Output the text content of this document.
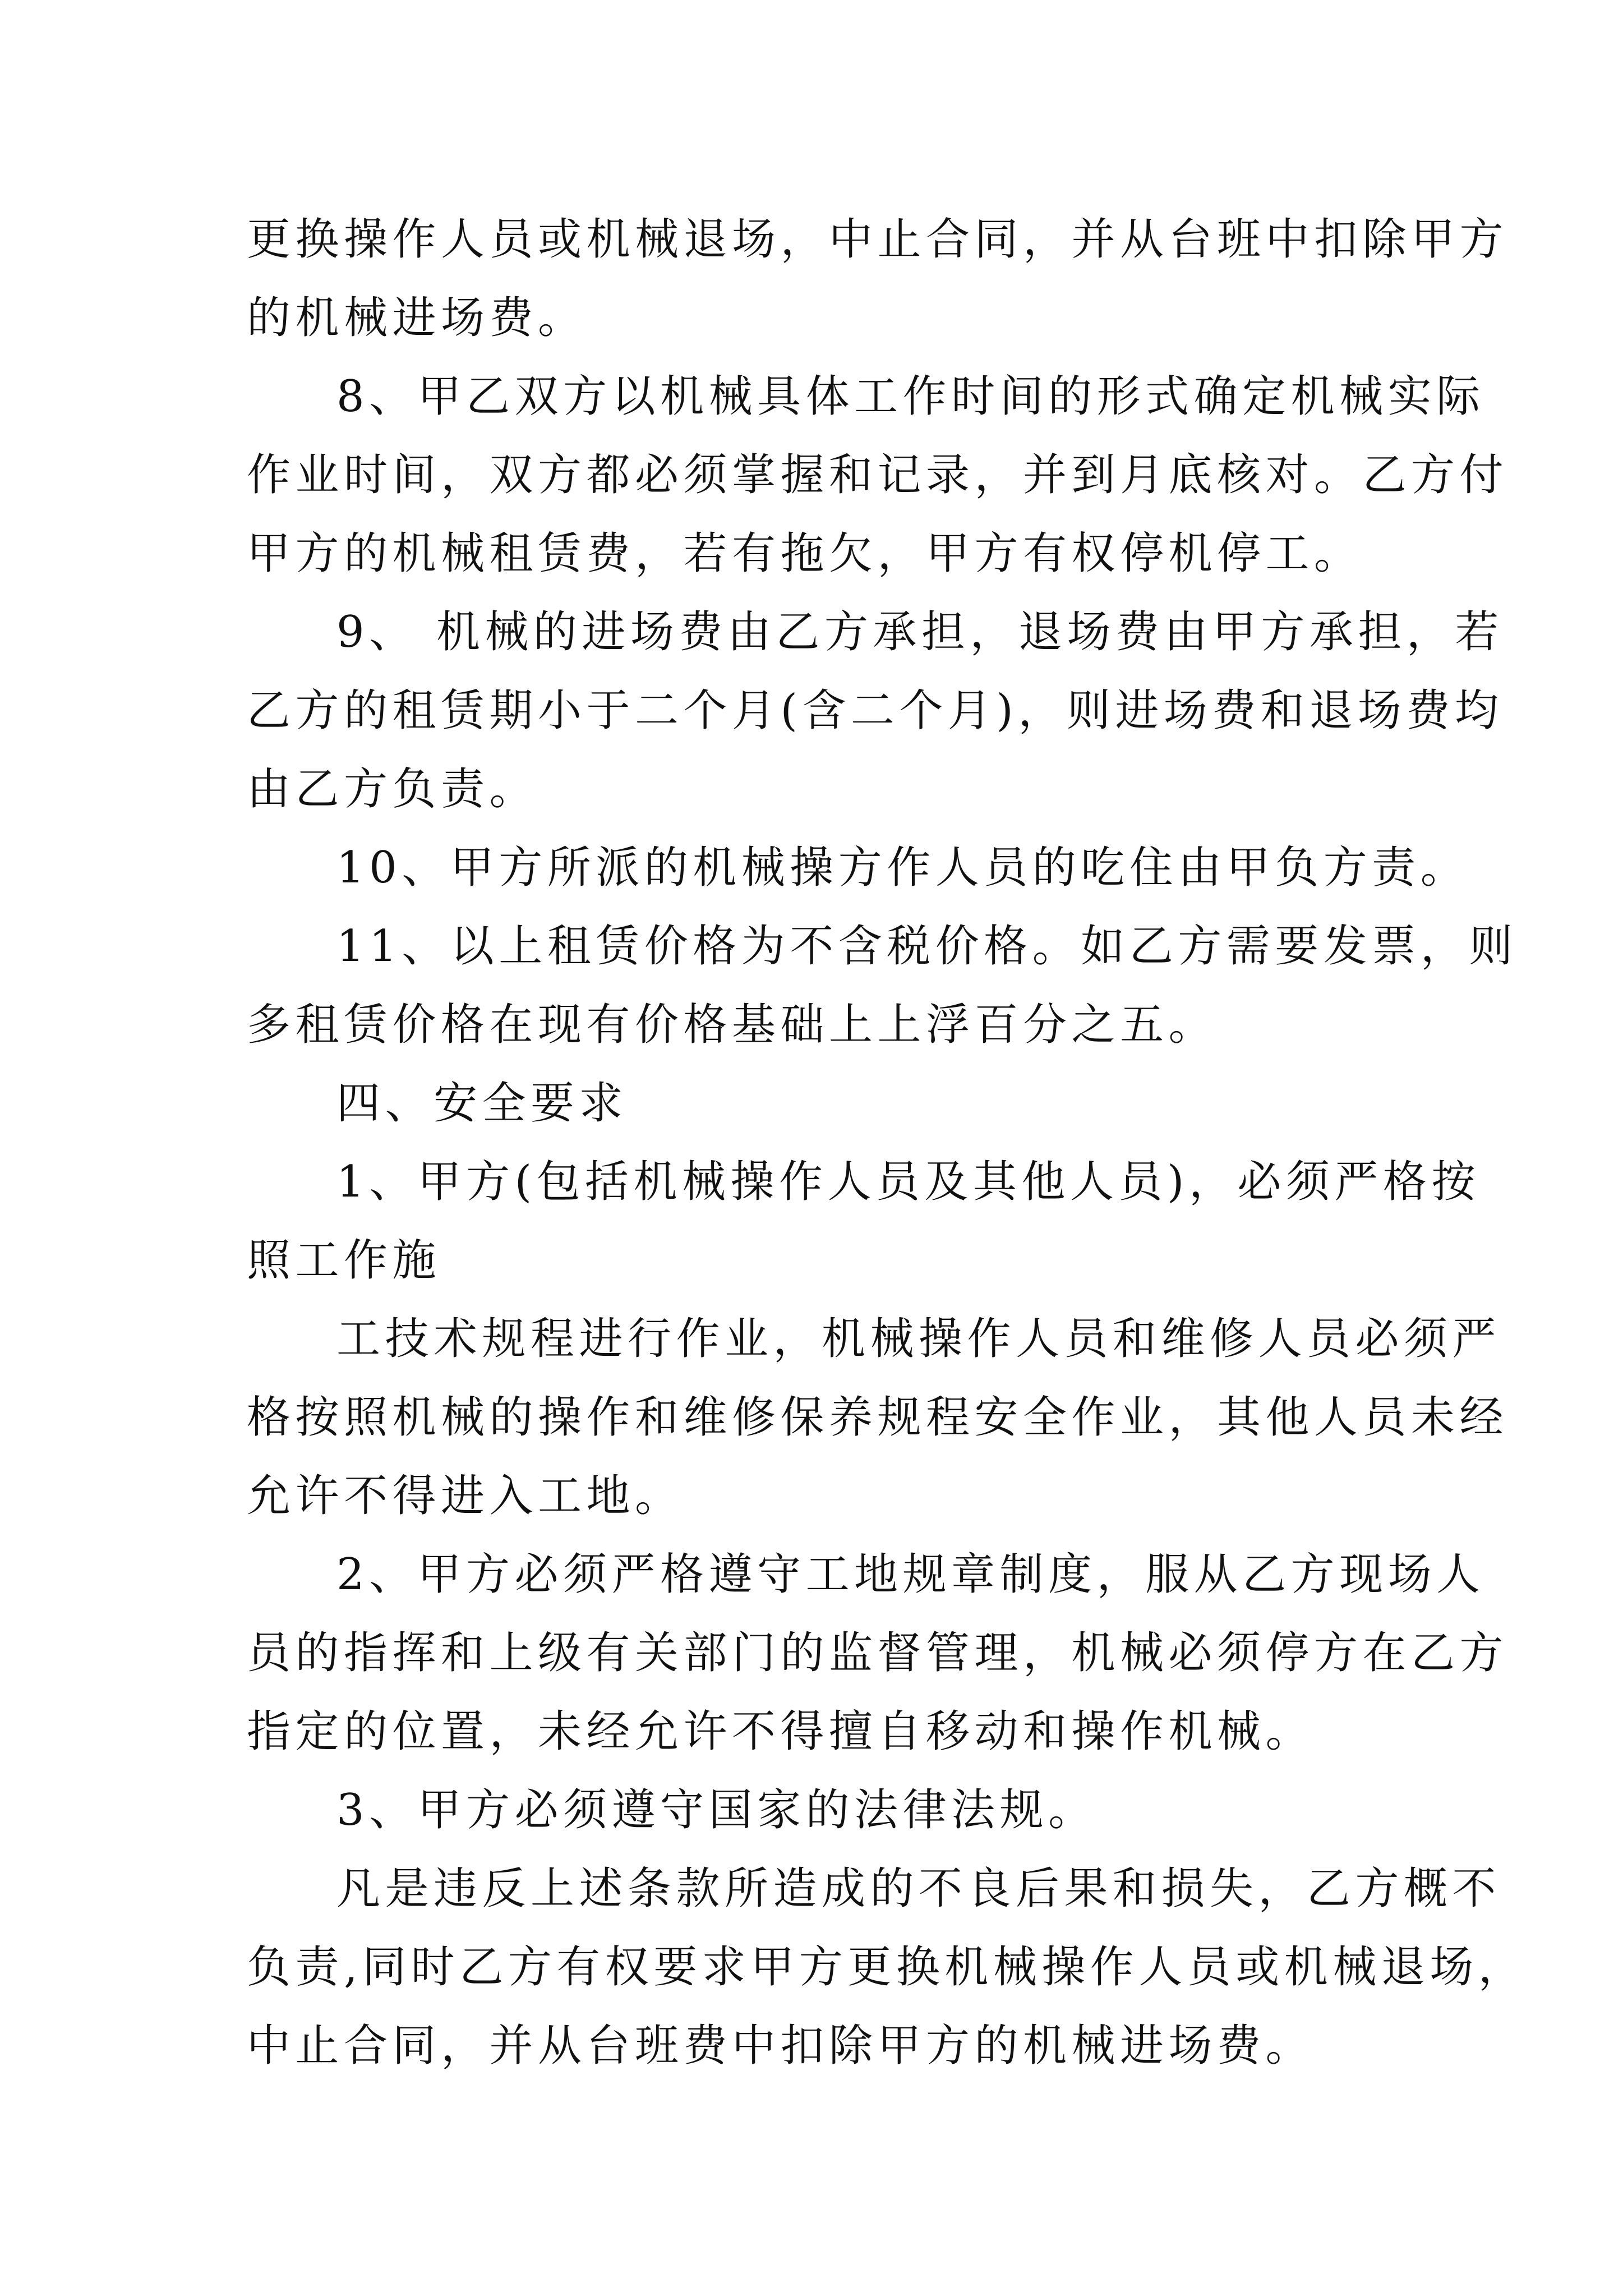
更换操作人员或机械退场，中止合同，并从台班中扣除甲方
的机械进场费。
8、甲乙双方以机械具体工作时间的形式确定机械实际
作业时间，双方都必须掌握和记录，并到月底核对。乙方付
甲方的机械租赁费，若有拖欠，甲方有权停机停工。
9、 机械的进场费由乙方承担，退场费由甲方承担，若
乙方的租赁期小于二个月(含二个月)，则进场费和退场费均
由乙方负责。
10、甲方所派的机械操方作人员的吃住由甲负方责。
11、以上租赁价格为不含税价格。如乙方需要发票，则
多租赁价格在现有价格基础上上浮百分之五。
四、安全要求
1、甲方(包括机械操作人员及其他人员)，必须严格按
照工作施
工技术规程进行作业，机械操作人员和维修人员必须严
格按照机械的操作和维修保养规程安全作业，其他人员未经
允许不得进入工地。
2、甲方必须严格遵守工地规章制度，服从乙方现场人
员的指挥和上级有关部门的监督管理，机械必须停方在乙方
指定的位置，未经允许不得擅自移动和操作机械。
3、甲方必须遵守国家的法律法规。
凡是违反上述条款所造成的不良后果和损失，乙方概不
负责,同时乙方有权要求甲方更换机械操作人员或机械退场，
中止合同，并从台班费中扣除甲方的机械进场费。
